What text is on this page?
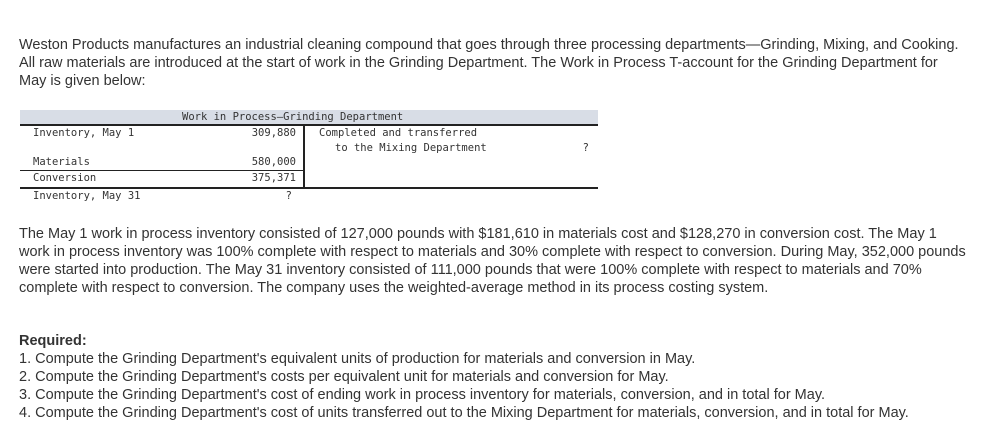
Weston Products manufactures an industrial cleaning compound that goes through three processing departments—Grinding, Mixing, and Cooking. All raw materials are introduced at the start of work in the Grinding Department. The Work in Process T-account for the Grinding Department for May is given below:

Work in Process—Grinding Department
Inventory, May 1	309,880
Materials	580,000
Conversion	375,371
Inventory, May 31	?
Completed and transferred
to the Mixing Department	?

The May 1 work in process inventory consisted of 127,000 pounds with $181,610 in materials cost and $128,270 in conversion cost. The May 1 work in process inventory was 100% complete with respect to materials and 30% complete with respect to conversion. During May, 352,000 pounds were started into production. The May 31 inventory consisted of 111,000 pounds that were 100% complete with respect to materials and 70% complete with respect to conversion. The company uses the weighted-average method in its process costing system.

Required:
1. Compute the Grinding Department's equivalent units of production for materials and conversion in May.
2. Compute the Grinding Department's costs per equivalent unit for materials and conversion for May.
3. Compute the Grinding Department's cost of ending work in process inventory for materials, conversion, and in total for May.
4. Compute the Grinding Department's cost of units transferred out to the Mixing Department for materials, conversion, and in total for May.
